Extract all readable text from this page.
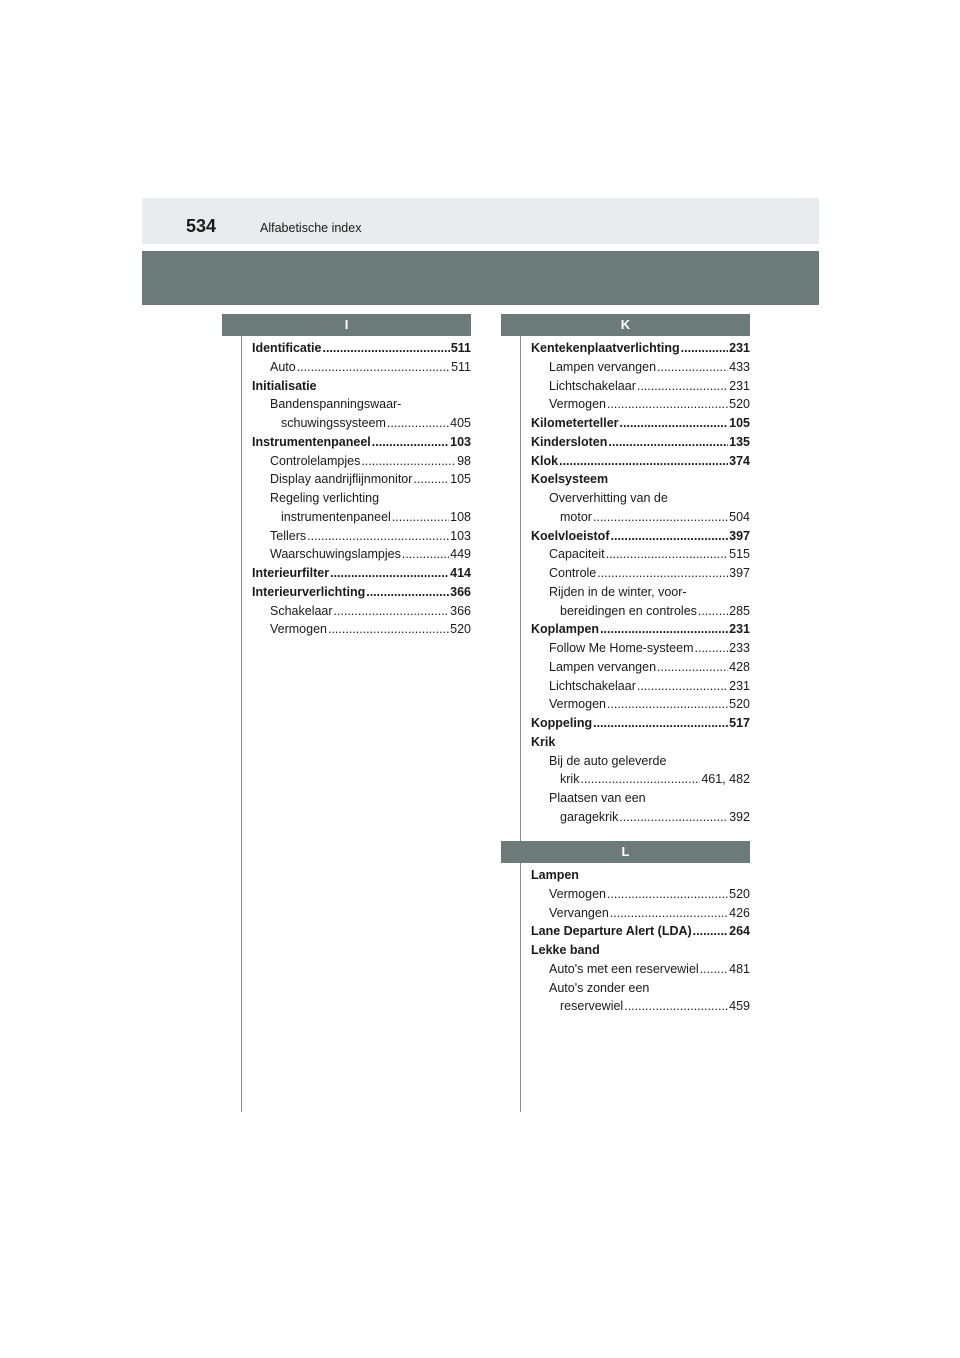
534	Alfabetische index
I
Identificatie .....	511
Auto .....	511
Initialisatie
Bandenspanningswaar-
schuwingssysteem .....	405
Instrumentenpaneel .....	103
Controlelampjes .....	98
Display aandrijflijnmonitor .....	105
Regeling verlichting
instrumentenpaneel .....	108
Tellers .....	103
Waarschuwingslampjes .....	449
Interieurfilter .....	414
Interieurverlichting .....	366
Schakelaar .....	366
Vermogen .....	520
K
Kentekenplaatverlichting .....	231
Lampen vervangen .....	433
Lichtschakelaar .....	231
Vermogen .....	520
Kilometerteller .....	105
Kindersloten .....	135
Klok .....	374
Koelsysteem
Oververhitting van de
motor .....	504
Koelvloeistof .....	397
Capaciteit .....	515
Controle .....	397
Rijden in de winter, voor-
bereidingen en controles .....	285
Koplampen .....	231
Follow Me Home-systeem .....	233
Lampen vervangen .....	428
Lichtschakelaar .....	231
Vermogen .....	520
Koppeling .....	517
Krik
Bij de auto geleverde
krik .....	461, 482
Plaatsen van een
garagekrik .....	392
L
Lampen
Vermogen .....	520
Vervangen .....	426
Lane Departure Alert (LDA) .....	264
Lekke band
Auto's met een reservewiel ..... 481
Auto's zonder een
reservewiel .....	459
